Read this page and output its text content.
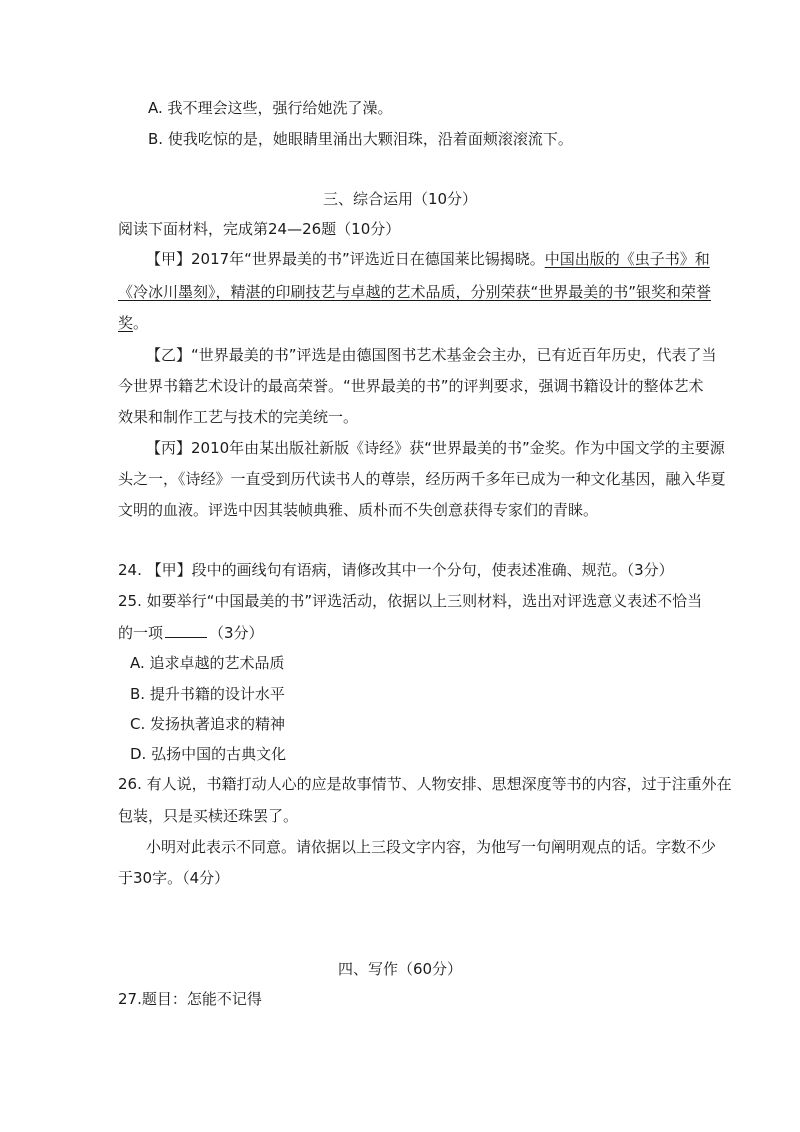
A. 我不理会这些，强行给她洗了澡。
B. 使我吃惊的是，她眼睛里涌出大颗泪珠，沿着面颊滚滚流下。
三、综合运用（10分）
阅读下面材料，完成第24—26题（10分）
【甲】2017年“世界最美的书”评选近日在德国莱比锡揭晓。中国出版的《虫子书》和
《冷冰川墨刻》，精湛的印刷技艺与卓越的艺术品质，分别荣获“世界最美的书”银奖和荣誉
奖。
【乙】“世界最美的书”评选是由德国图书艺术基金会主办，已有近百年历史，代表了当
今世界书籍艺术设计的最高荣誉。“世界最美的书”的评判要求，强调书籍设计的整体艺术
效果和制作工艺与技术的完美统一。
【丙】2010年由某出版社新版《诗经》获“世界最美的书”金奖。作为中国文学的主要源
头之一，《诗经》一直受到历代读书人的尊崇，经历两千多年已成为一种文化基因，融入华夏
文明的血液。评选中因其装帧典雅、质朴而不失创意获得专家们的青睐。
24. 【甲】段中的画线句有语病，请修改其中一个分句，使表述准确、规范。（3分）
25. 如要举行“中国最美的书”评选活动，依据以上三则材料，选出对评选意义表述不恰当
的一项	（3分）
A. 追求卓越的艺术品质
B. 提升书籍的设计水平
C. 发扬执著追求的精神
D. 弘扬中国的古典文化
26. 有人说，书籍打动人心的应是故事情节、人物安排、思想深度等书的内容，过于注重外在
包装，只是买椟还珠罢了。
小明对此表示不同意。请依据以上三段文字内容，为他写一句阐明观点的话。字数不少
于30字。（4分）
四、写作（60分）
27.题目：怎能不记得
